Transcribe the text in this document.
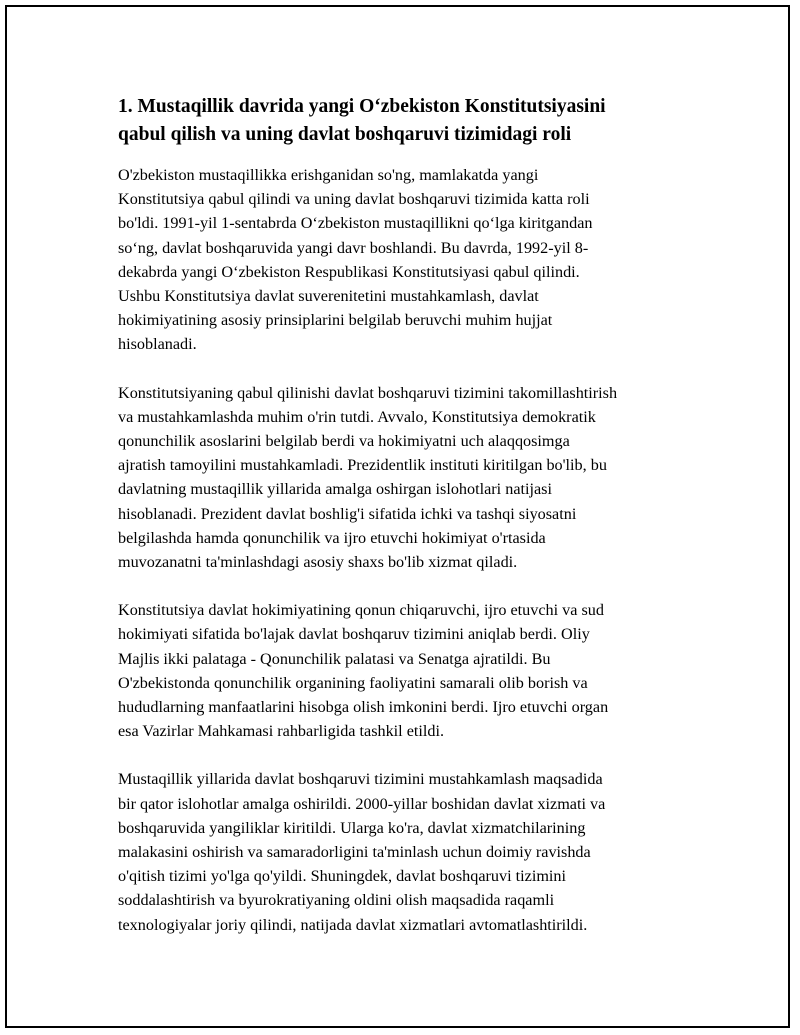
1. Mustaqillik davrida yangi O‘zbekiston Konstitutsiyasini
qabul qilish va uning davlat boshqaruvi tizimidagi roli

O'zbekiston mustaqillikka erishganidan so'ng, mamlakatda yangi
Konstitutsiya qabul qilindi va uning davlat boshqaruvi tizimida katta roli
bo'ldi. 1991-yil 1-sentabrda O‘zbekiston mustaqillikni qo‘lga kiritgandan
so‘ng, davlat boshqaruvida yangi davr boshlandi. Bu davrda, 1992-yil 8-
dekabrda yangi O‘zbekiston Respublikasi Konstitutsiyasi qabul qilindi.
Ushbu Konstitutsiya davlat suverenitetini mustahkamlash, davlat
hokimiyatining asosiy prinsiplarini belgilab beruvchi muhim hujjat
hisoblanadi.

Konstitutsiyaning qabul qilinishi davlat boshqaruvi tizimini takomillashtirish
va mustahkamlashda muhim o'rin tutdi. Avvalo, Konstitutsiya demokratik
qonunchilik asoslarini belgilab berdi va hokimiyatni uch alaqqosimga
ajratish tamoyilini mustahkamladi. Prezidentlik instituti kiritilgan bo'lib, bu
davlatning mustaqillik yillarida amalga oshirgan islohotlari natijasi
hisoblanadi. Prezident davlat boshlig'i sifatida ichki va tashqi siyosatni
belgilashda hamda qonunchilik va ijro etuvchi hokimiyat o'rtasida
muvozanatni ta'minlashdagi asosiy shaxs bo'lib xizmat qiladi.

Konstitutsiya davlat hokimiyatining qonun chiqaruvchi, ijro etuvchi va sud
hokimiyati sifatida bo'lajak davlat boshqaruv tizimini aniqlab berdi. Oliy
Majlis ikki palataga - Qonunchilik palatasi va Senatga ajratildi. Bu
O'zbekistonda qonunchilik organining faoliyatini samarali olib borish va
hududlarning manfaatlarini hisobga olish imkonini berdi. Ijro etuvchi organ
esa Vazirlar Mahkamasi rahbarligida tashkil etildi.

Mustaqillik yillarida davlat boshqaruvi tizimini mustahkamlash maqsadida
bir qator islohotlar amalga oshirildi. 2000-yillar boshidan davlat xizmati va
boshqaruvida yangiliklar kiritildi. Ularga ko'ra, davlat xizmatchilarining
malakasini oshirish va samaradorligini ta'minlash uchun doimiy ravishda
o'qitish tizimi yo'lga qo'yildi. Shuningdek, davlat boshqaruvi tizimini
soddalashtirish va byurokratiyaning oldini olish maqsadida raqamli
texnologiyalar joriy qilindi, natijada davlat xizmatlari avtomatlashtirildi.
